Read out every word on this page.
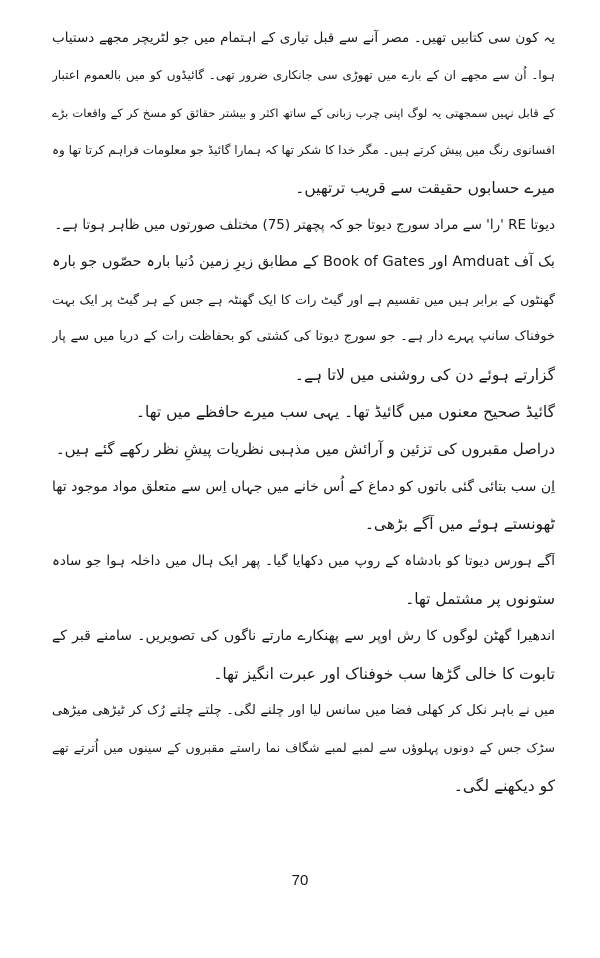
یہ کون سی کتابیں تھیں۔ مصر آنے سے قبل تیاری کے اہتمام میں جو لٹریچر مجھے دستیاب
ہوا۔ اُن سے مجھے ان کے بارے میں تھوڑی سی جانکاری ضرور تھی۔ گائیڈوں کو میں بالعموم اعتبار
کے قابل نہیں سمجھتی یہ لوگ اپنی چرب زبانی کے ساتھ اکثر و بیشتر حقائق کو مسخ کر کے واقعات بڑے
افسانوی رنگ میں پیش کرتے ہیں۔ مگر خدا کا شکر تھا کہ ہمارا گائیڈ جو معلومات فراہم کرتا تھا وہ
میرے حسابوں حقیقت سے قریب ترتھیں۔
دیوتا RE 'را' سے مراد سورج دیوتا جو کہ پچھتر (75) مختلف صورتوں میں ظاہر ہوتا ہے۔
بک آف Amduat اور Book of Gates کے مطابق زیرِ زمین دُنیا بارہ حصّوں جو بارہ
گھنٹوں کے برابر ہیں میں تقسیم ہے اور گیٹ رات کا ایک گھنٹہ ہے جس کے ہر گیٹ پر ایک بہت
خوفناک سانپ پہرے دار ہے۔ جو سورج دیوتا کی کشتی کو بحفاظت رات کے دریا میں سے پار
گزارتے ہوئے دن کی روشنی میں لاتا ہے۔
گائیڈ صحیح معنوں میں گائیڈ تھا۔ یہی سب میرے حافظے میں تھا۔
دراصل مقبروں کی تزئین و آرائش میں مذہبی نظریات پیشِ نظر رکھے گئے ہیں۔
اِن سب بتائی گئی باتوں کو دماغ کے اُس خانے میں جہاں اِس سے متعلق مواد موجود تھا
ٹھونستے ہوئے میں آگے بڑھی۔
آگے ہورس دیوتا کو بادشاہ کے روپ میں دکھایا گیا۔ پھر ایک ہال میں داخلہ ہوا جو سادہ
ستونوں پر مشتمل تھا۔
اندھیرا گھٹن لوگوں کا رش اوپر سے پھنکارے مارتے ناگوں کی تصویریں۔ سامنے قبر کے
تابوت کا خالی گڑھا سب خوفناک اور عبرت انگیز تھا۔
میں نے باہر نکل کر کھلی فضا میں سانس لیا اور چلنے لگی۔ چلتے چلتے رُک کر ٹیڑھی میڑھی
سڑک جس کے دونوں پہلوؤں سے لمبے لمبے شگاف نما راستے مقبروں کے سینوں میں اُترتے تھے
کو دیکھنے لگی۔
70
